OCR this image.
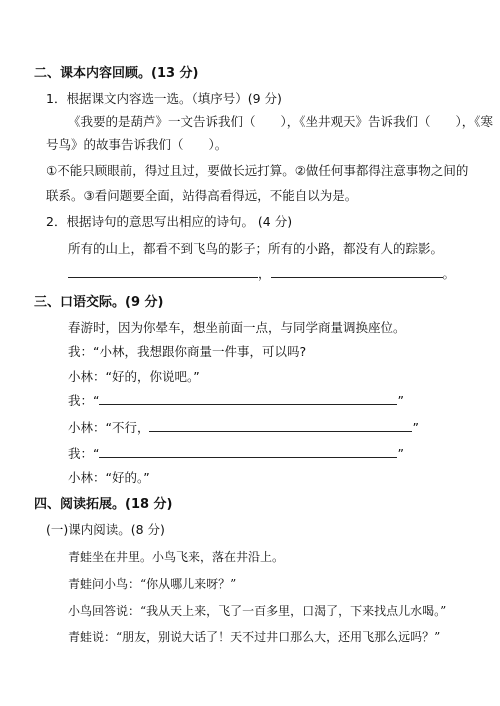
二、课本内容回顾。(13 分)
1．根据课文内容选一选。（填序号）(9 分)
《我要的是葫芦》一文告诉我们（　　），《坐井观天》告诉我们（　　），《寒
号鸟》的故事告诉我们（　　）。
①不能只顾眼前，得过且过，要做长远打算。②做任何事都得注意事物之间的
联系。③看问题要全面，站得高看得远，不能自以为是。
2．根据诗句的意思写出相应的诗句。 (4 分)
所有的山上，都看不到飞鸟的影子；所有的小路，都没有人的踪影。
，	。
三、口语交际。(9 分)
春游时，因为你晕车，想坐前面一点，与同学商量调换座位。
我：“小林，我想跟你商量一件事，可以吗?
小林：“好的，你说吧。”
我：“	”
小林：“不行，	”
我：“	”
小林：“好的。”
四、阅读拓展。(18 分)
(一)课内阅读。(8 分)
青蛙坐在井里。小鸟飞来，落在井沿上。
青蛙问小鸟：“你从哪儿来呀？”
小鸟回答说：“我从天上来，飞了一百多里，口渴了，下来找点儿水喝。”
青蛙说：“朋友，别说大话了！天不过井口那么大，还用飞那么远吗？”
